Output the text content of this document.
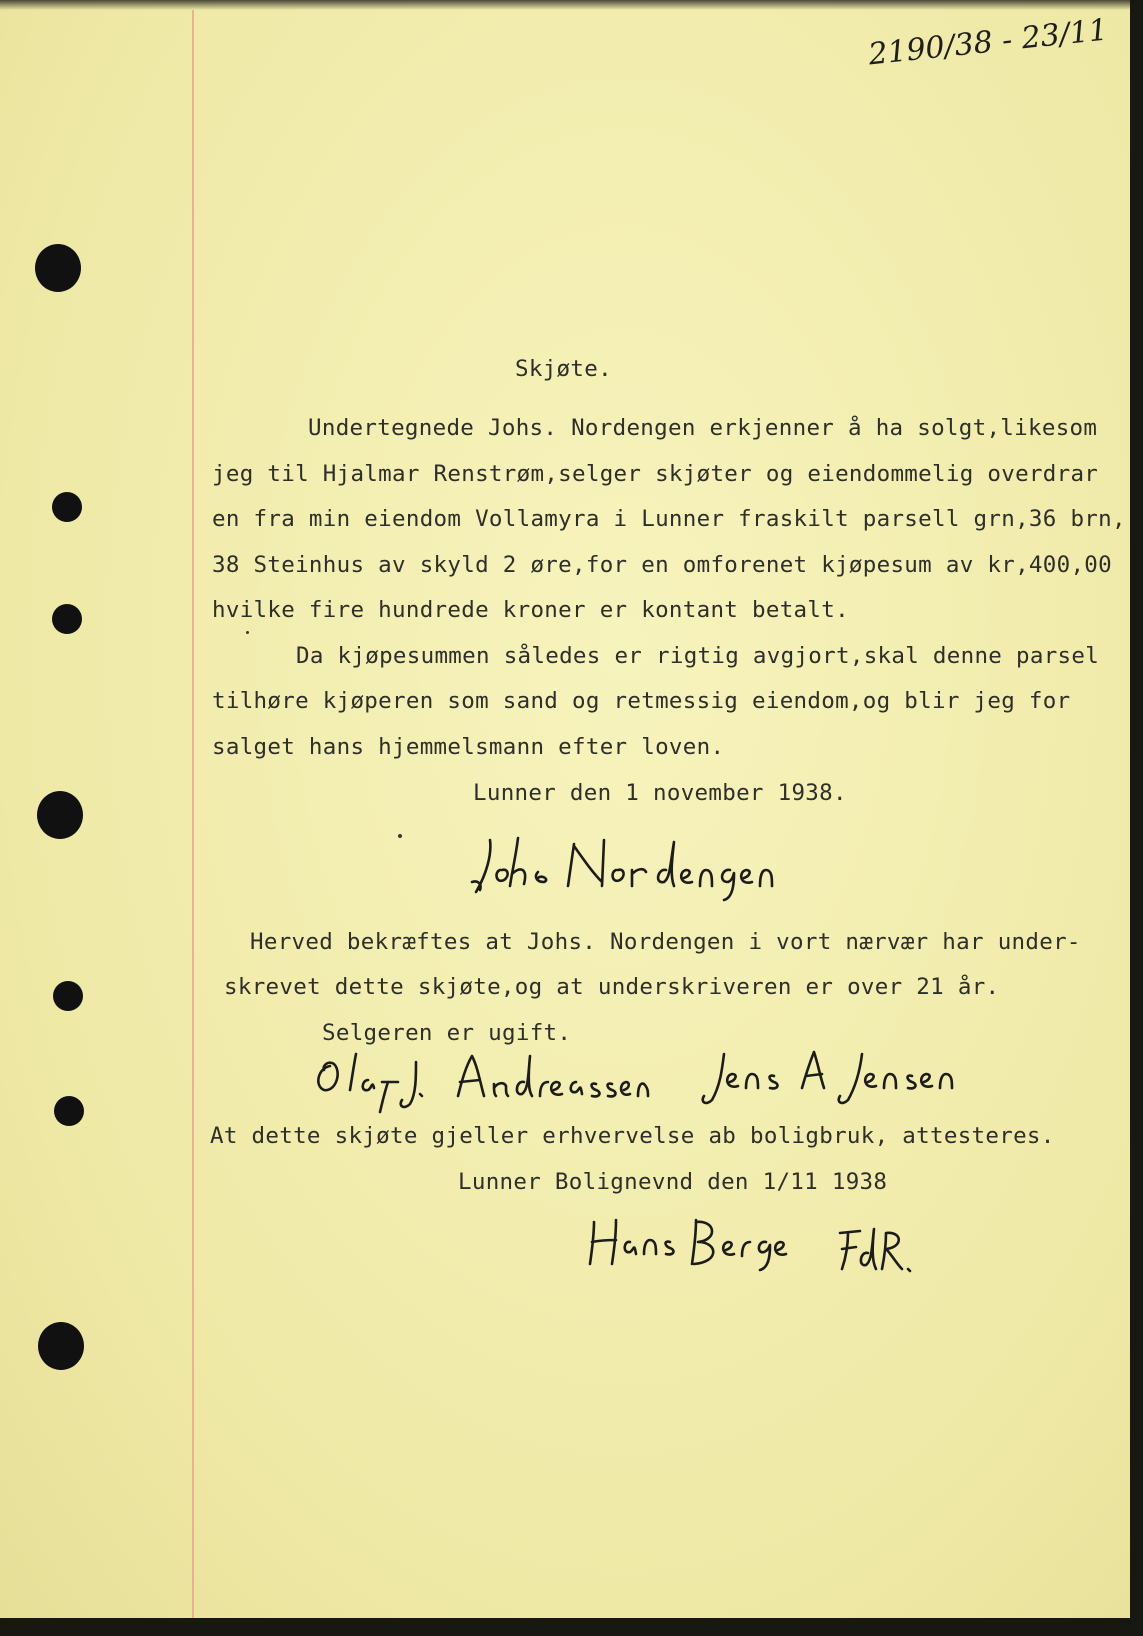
2190/38 - 23/11
Skjøte.
Undertegnede Johs. Nordengen erkjenner å ha solgt,likesom
jeg til Hjalmar Renstrøm,selger skjøter og eiendommelig overdrar
en fra min eiendom Vollamyra i Lunner fraskilt parsell grn,36 brn,
38 Steinhus av skyld 2 øre,for en omforenet kjøpesum av kr,400,00
hvilke fire hundrede kroner er kontant betalt.
Da kjøpesummen således er rigtig avgjort,skal denne parsel
tilhøre kjøperen som sand og retmessig eiendom,og blir jeg for
salget hans hjemmelsmann efter loven.
Lunner den 1 november 1938.
Herved bekræftes at Johs. Nordengen i vort nærvær har under-
skrevet dette skjøte,og at underskriveren er over 21 år.
Selgeren er ugift.
At dette skjøte gjeller erhvervelse ab boligbruk, attesteres.
Lunner Bolignevnd den 1/11 1938
